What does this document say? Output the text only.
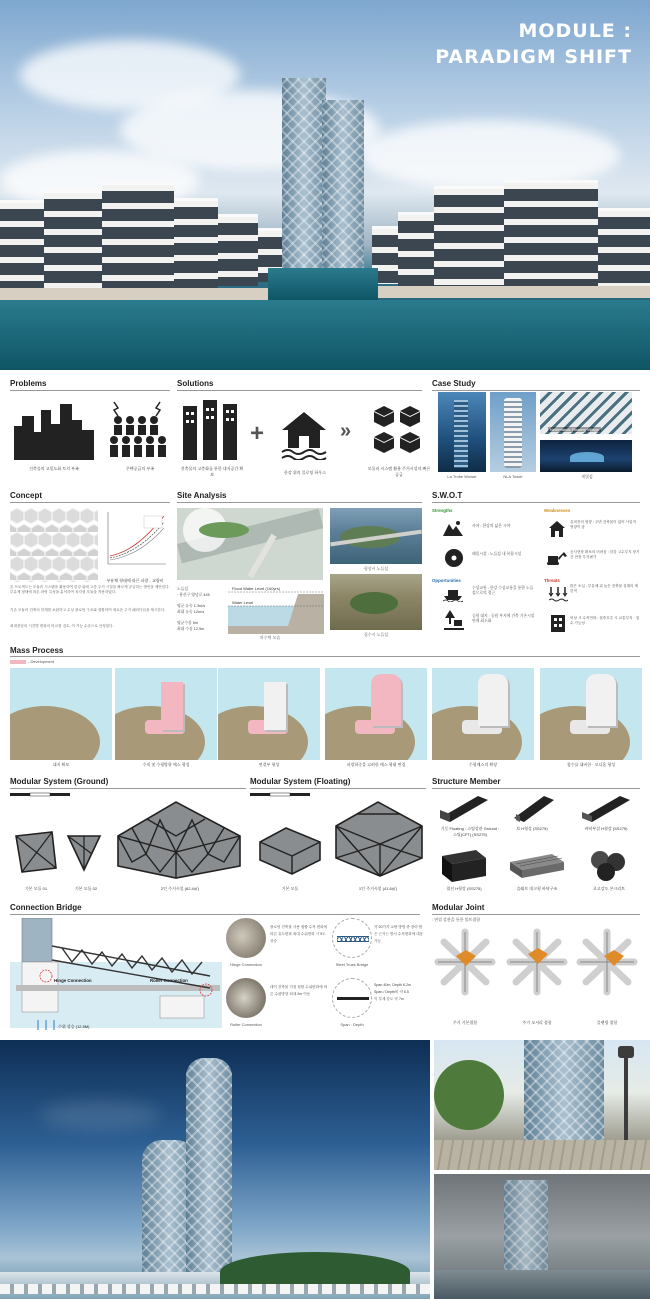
MODULE :
PARADIGM SHIFT
Problems	Solutions	Case Study
건축물의 고밀도화 토지 부족	주택공급의 부족	건축물의 고층화를 통한 대지공간 확보
+
한강 위의 플로팅 하우스
»
모듈러 시스템 활용 주거시설의 빠른 공급	La Trobe Wower	NLA Tower
Nederlands Floating Village
세빛섬
Concept	Site Analysis	S.W.O.T
부유체 형태에 따른 파랑 - 교량비
본 프로젝트는 모듈러 시스템을 활용하여 한강 위에 고층 주거 시설을 빠르게 공급하는 방안을 제안한다. 부유체 형태에 따른 파랑 특성을 분석하여 육각형 모듈을 적용하였다.
기존 모듈러 건축의 한계를 보완하고 수상 플로팅 구조와 결합하여 새로운 주거 패러다임을 제시한다.
최대풍압의 시간별 변화의 비교를 검토, 이 기능 수준으로 산정된다.
노들섬
· 용산구 양녕로 445
평균 유속 1.3m/s
최대 유속 12m/s
평균수심 5m
최대 수심 12.5m
Flood Water Level (100yrs)
Water Level
차수벽 모습
평상시 노들섬
집수시 노들섬
Strengths
사야 : 한강의 넓은 시야
패밀시설 : 노들섬 내 복합시설
Opportunities
수상교통 : 한강 수상교통을 통한 노들섬으로의 접근
공원 대지 : 공원 부지에 건축 기존시설 연계 최소화
Weaknesses
유비종의 영향 : 주변 건축물이 없어 사업적 영향이 큼
공사현장 확보의 어려움 : 한강 고수부지 장기간 현장 부지필가
Threats
많은 소실 : 부유체 위 높은 건축물 설계의 제한적
비상 시 수직연화 : 집중호우 시 교통부지 · 침수 가능성
Mass Process
- Development
대지 확보	수직 및 수평방향 매스 형성	연결부 형성	파랑하중을 고려한 매스 형태 변경	수평매스의 확장	침수를 대비한 · 모디움 형성
Modular System (Ground)	Modular System (Floating)	Structure Member
기본 모듈 01	기본 모듈 02	2인 주거시설 (62.4㎡)	기본 모듈	1인 주거시설 (41.6㎡)
기둥 Floating : 스팀강관 Ground : 스틸(CFT) (SS275)
보 H형강 (SS275)	바닥부설 H형강 (SS275)
철선 H형강 (SS275)	슬래브 데크형 바닥구조	초고강도 콘크리트
Connection Bridge	Modular Joint
Hinge Connection	Roller Connection
수위 상승 (12.5M)
플로팅 건축물 사용 접합 수직 변화에 따른 유도변화 최대 수위변화 시 9도 상승
Hinge Connection
데이 건축물 지점 접합 수위변화에 따른 수평방향 최대 2m 이동
Roller Connection
약 20가지 교량 방법 중 장력 합은 근거는 방식 수직변화에 대응 가능
Steel Truss Bridge
Span 40m, Depth 6.2m
Span / Depth비 약 6.5
이 부재 강도 약 7m
Span : Depth
: 연결 강관을 통한 볼트접합
주거 기본접합	주거 모서리 접합	플랫링 접합
